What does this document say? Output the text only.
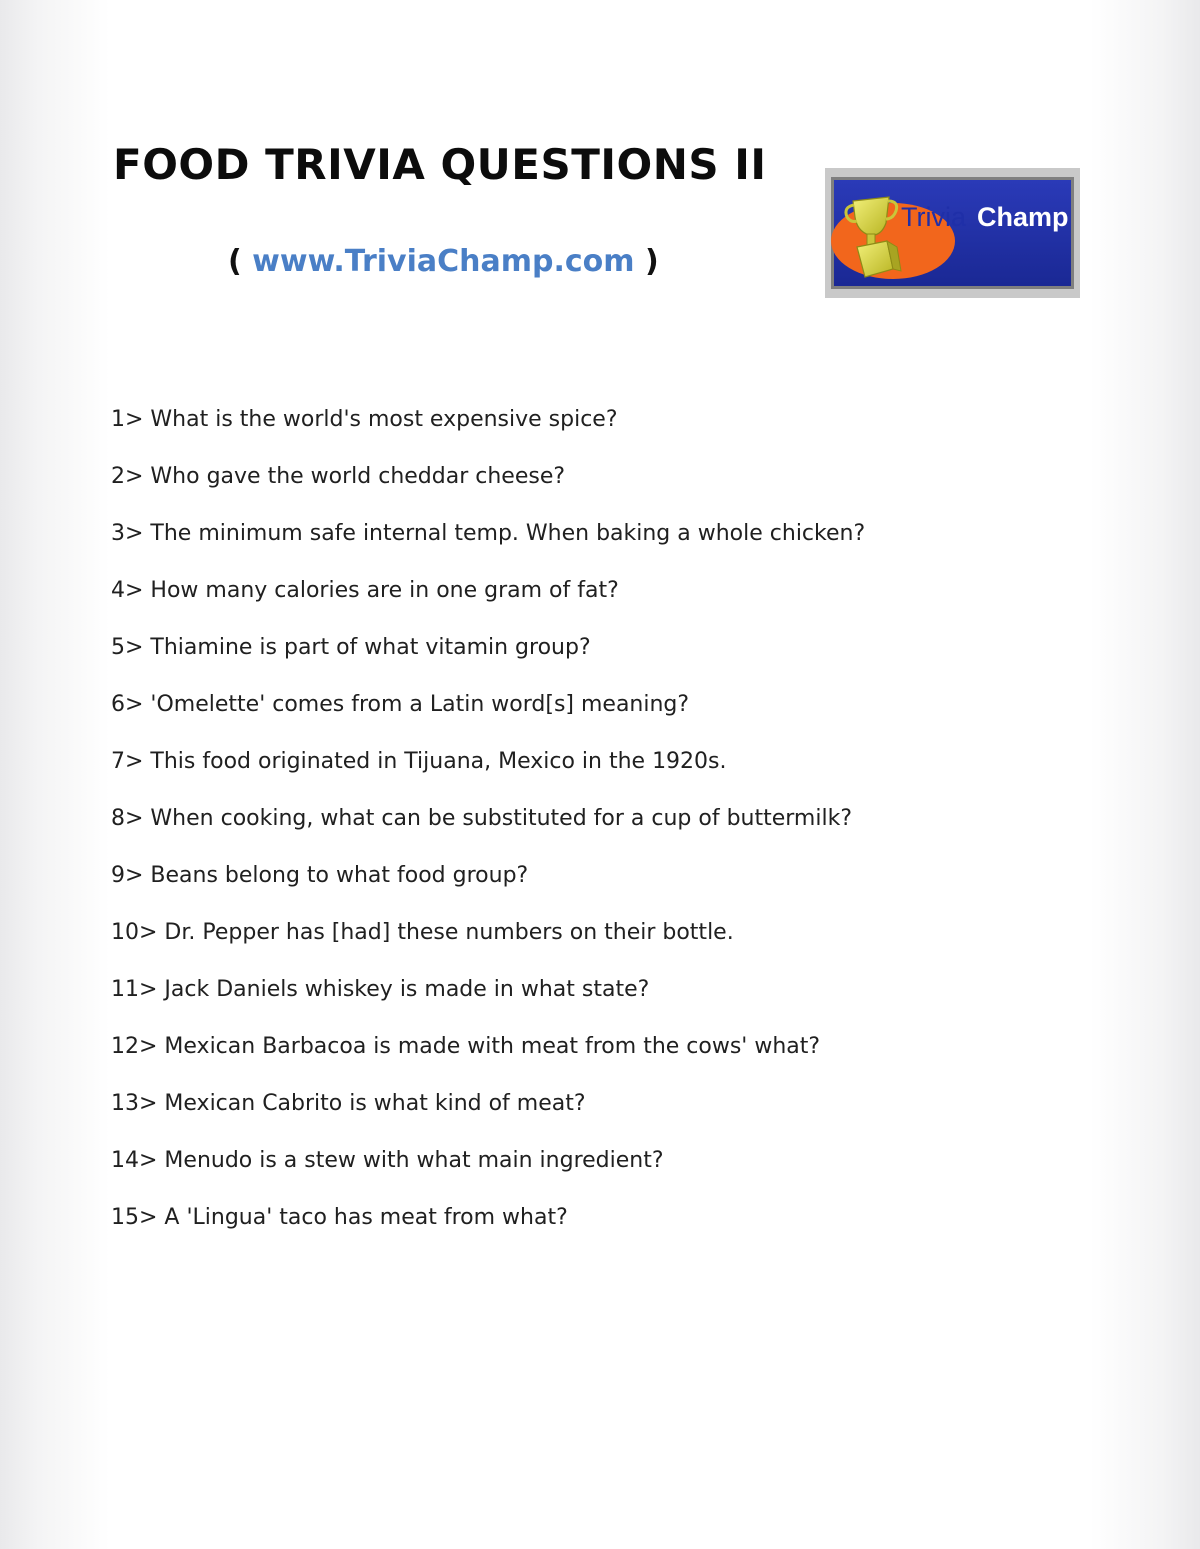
FOOD TRIVIA QUESTIONS II
( www.TriviaChamp.com )
Trivia Champ
1> What is the world's most expensive spice?
2> Who gave the world cheddar cheese?
3> The minimum safe internal temp. When baking a whole chicken?
4> How many calories are in one gram of fat?
5> Thiamine is part of what vitamin group?
6> 'Omelette' comes from a Latin word[s] meaning?
7> This food originated in Tijuana, Mexico in the 1920s.
8> When cooking, what can be substituted for a cup of buttermilk?
9> Beans belong to what food group?
10> Dr. Pepper has [had] these numbers on their bottle.
11> Jack Daniels whiskey is made in what state?
12> Mexican Barbacoa is made with meat from the cows' what?
13> Mexican Cabrito is what kind of meat?
14> Menudo is a stew with what main ingredient?
15> A 'Lingua' taco has meat from what?
